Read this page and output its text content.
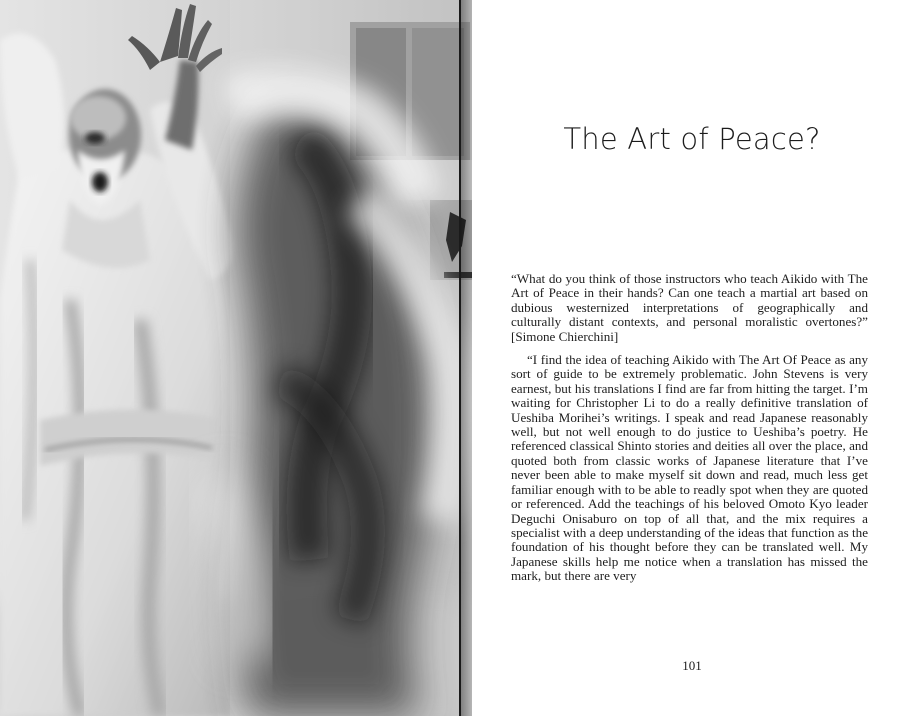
The Art of Peace?

“What do you think of those instructors who teach Aikido with The Art of Peace in their hands? Can one teach a martial art based on dubious westernized interpretations of geographically and culturally distant contexts, and personal moralistic overtones?” [Simone Chierchini]

“I find the idea of teaching Aikido with The Art Of Peace as any sort of guide to be extremely problematic. John Stevens is very earnest, but his translations I find are far from hitting the target. I’m waiting for Christopher Li to do a really definitive translation of Ueshiba Morihei’s writings. I speak and read Japanese reasonably well, but not well enough to do justice to Ueshiba’s poetry. He referenced classical Shinto stories and deities all over the place, and quoted both from classic works of Japanese literature that I’ve never been able to make myself sit down and read, much less get familiar enough with to be able to readly spot when they are quoted or referenced. Add the teachings of his beloved Omoto Kyo leader Deguchi Onisaburo on top of all that, and the mix requires a specialist with a deep understanding of the ideas that function as the foundation of his thought before they can be translated well. My Japanese skills help me notice when a translation has missed the mark, but there are very

101
